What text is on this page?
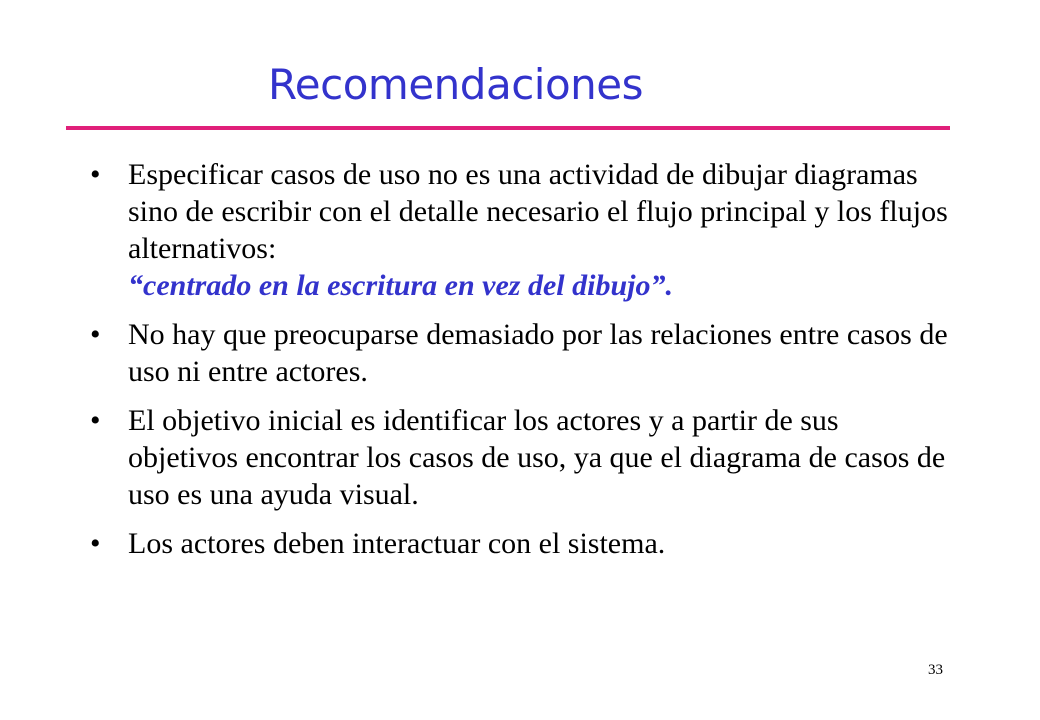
Recomendaciones
• Especificar casos de uso no es una actividad de dibujar diagramas sino de escribir con el detalle necesario el flujo principal y los flujos alternativos:
“centrado en la escritura en vez del dibujo”.
• No hay que preocuparse demasiado por las relaciones entre casos de uso ni entre actores.
• El objetivo inicial es identificar los actores y a partir de sus objetivos encontrar los casos de uso, ya que el diagrama de casos de uso es una ayuda visual.
• Los actores deben interactuar con el sistema.
33
